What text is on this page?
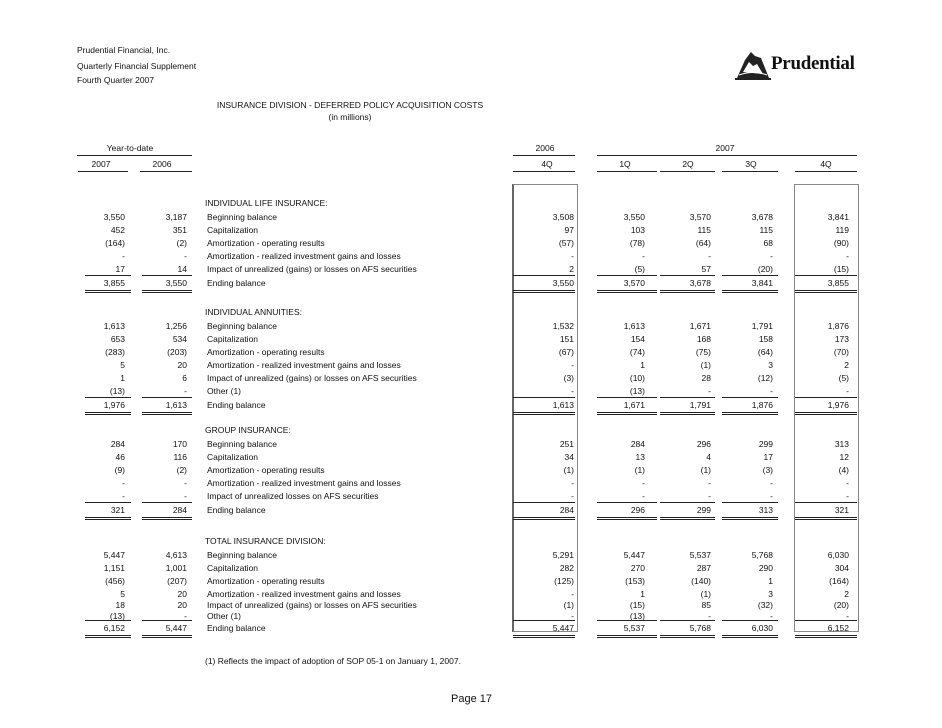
Prudential Financial, Inc.
Quarterly Financial Supplement
Fourth Quarter 2007
Prudential
INSURANCE DIVISION - DEFERRED POLICY ACQUISITION COSTS
(in millions)
Year-to-date	2006	2007
2007	2006	4Q	1Q	2Q	3Q	4Q
INDIVIDUAL LIFE INSURANCE:
Beginning balance
3,550	3,187	3,508	3,550	3,570	3,678	3,841
Capitalization
452	351	97	103	115	115	119
Amortization - operating results
(164)	(2)	(57)	(78)	(64)	68	(90)
Amortization - realized investment gains and losses
-	-	-	-	-	-	-
Impact of unrealized (gains) or losses on AFS securities
17	14	2	(5)	57	(20)	(15)
Ending balance
3,855	3,550	3,550	3,570	3,678	3,841	3,855
INDIVIDUAL ANNUITIES:
Beginning balance
1,613	1,256	1,532	1,613	1,671	1,791	1,876
Capitalization
653	534	151	154	168	158	173
Amortization - operating results
(283)	(203)	(67)	(74)	(75)	(64)	(70)
Amortization - realized investment gains and losses
5	20	-	1	(1)	3	2
Impact of unrealized (gains) or losses on AFS securities
1	6	(3)	(10)	28	(12)	(5)
Other (1)
(13)	-	-	(13)	-	-	-
Ending balance
1,976	1,613	1,613	1,671	1,791	1,876	1,976
GROUP INSURANCE:
Beginning balance
284	170	251	284	296	299	313
Capitalization
46	116	34	13	4	17	12
Amortization - operating results
(9)	(2)	(1)	(1)	(1)	(3)	(4)
Amortization - realized investment gains and losses
-	-	-	-	-	-	-
Impact of unrealized losses on AFS securities
-	-	-	-	-	-	-
Ending balance
321	284	284	296	299	313	321
TOTAL INSURANCE DIVISION:
Beginning balance
5,447	4,613	5,291	5,447	5,537	5,768	6,030
Capitalization
1,151	1,001	282	270	287	290	304
Amortization - operating results
(456)	(207)	(125)	(153)	(140)	1	(164)
Amortization - realized investment gains and losses
5	20	-	1	(1)	3	2
Impact of unrealized (gains) or losses on AFS securities
18	20	(1)	(15)	85	(32)	(20)
Other (1)
(13)	-	-	(13)	-	-	-
Ending balance
6,152	5,447	5,447	5,537	5,768	6,030	6,152
(1) Reflects the impact of adoption of SOP 05-1 on January 1, 2007.
Page 17
